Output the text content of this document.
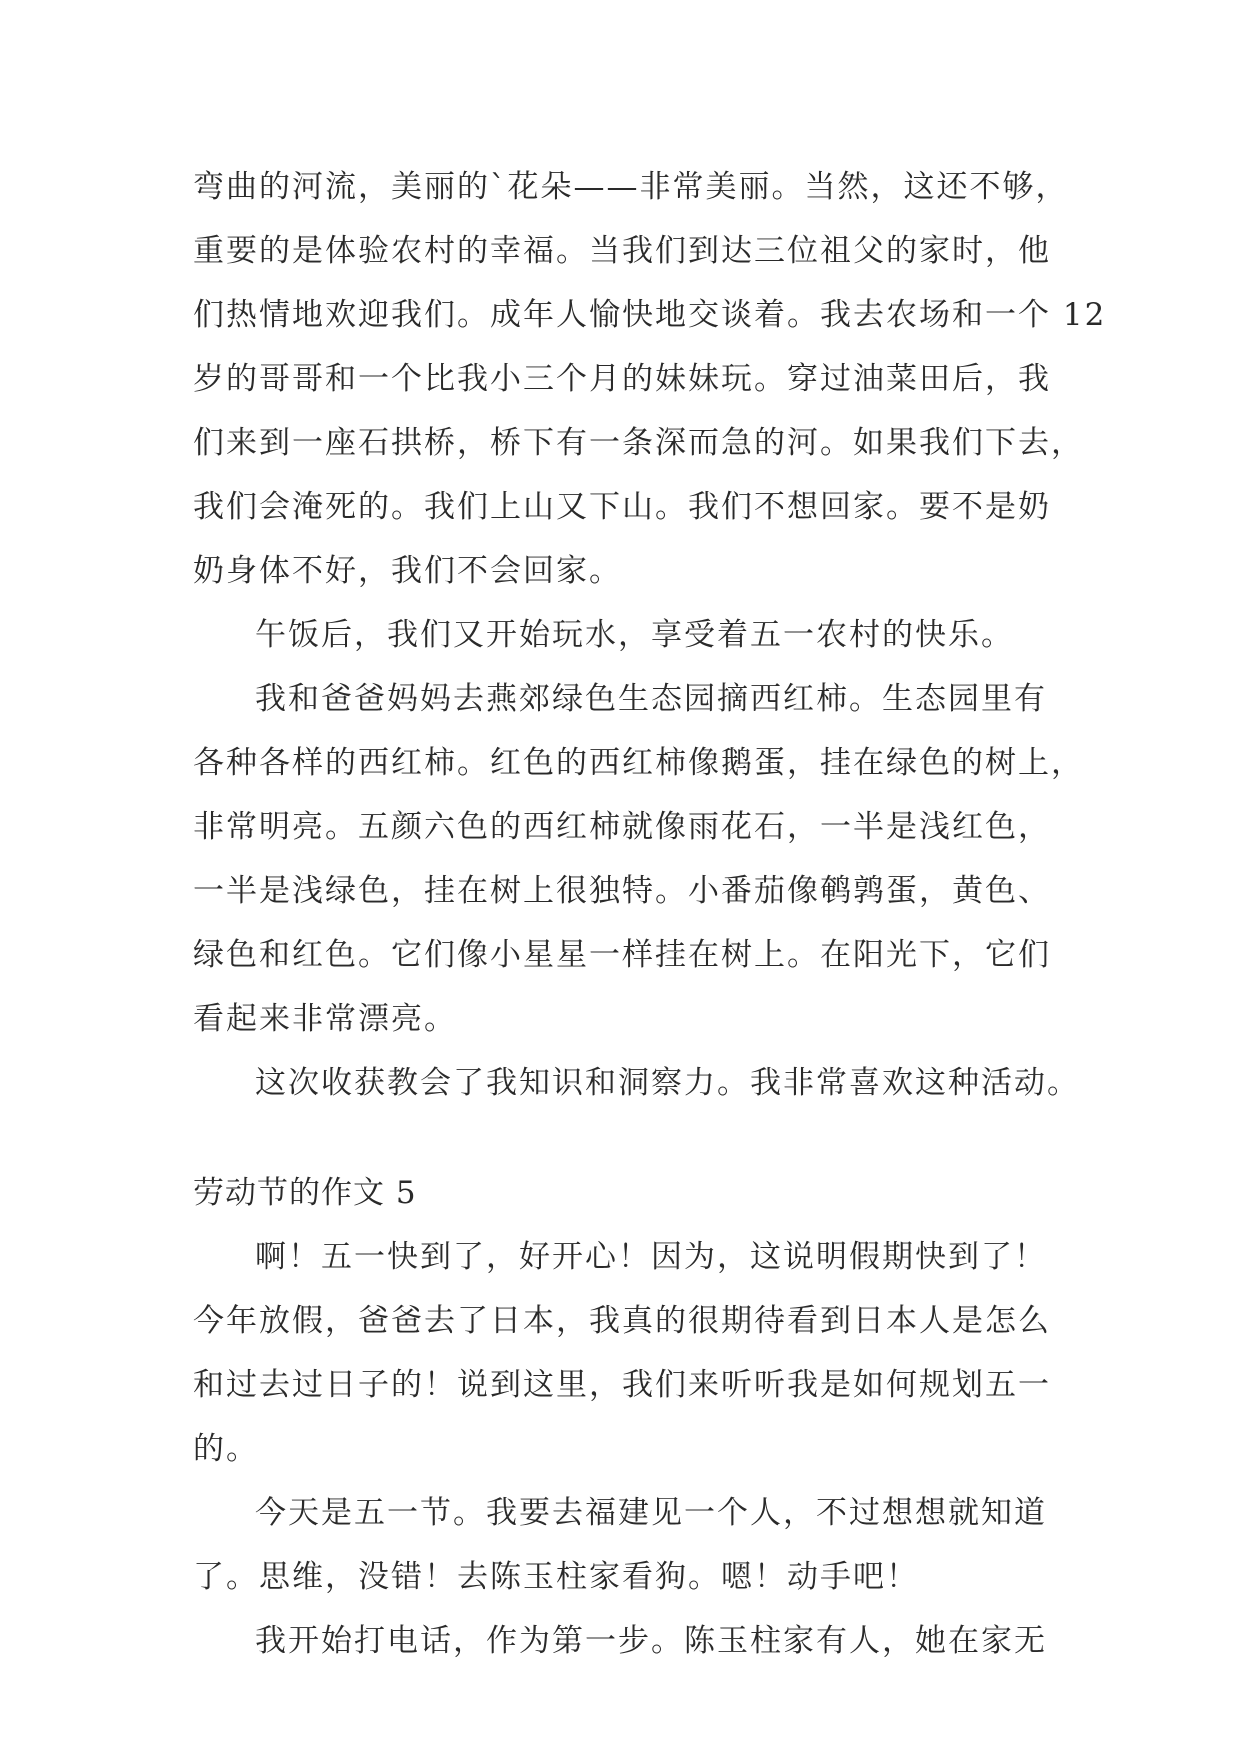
弯曲的河流，美丽的`花朵——非常美丽。当然，这还不够，
重要的是体验农村的幸福。当我们到达三位祖父的家时，他
们热情地欢迎我们。成年人愉快地交谈着。我去农场和一个 12
岁的哥哥和一个比我小三个月的妹妹玩。穿过油菜田后，我
们来到一座石拱桥，桥下有一条深而急的河。如果我们下去，
我们会淹死的。我们上山又下山。我们不想回家。要不是奶
奶身体不好，我们不会回家。
午饭后，我们又开始玩水，享受着五一农村的快乐。
我和爸爸妈妈去燕郊绿色生态园摘西红柿。生态园里有
各种各样的西红柿。红色的西红柿像鹅蛋，挂在绿色的树上，
非常明亮。五颜六色的西红柿就像雨花石，一半是浅红色，
一半是浅绿色，挂在树上很独特。小番茄像鹌鹑蛋，黄色、
绿色和红色。它们像小星星一样挂在树上。在阳光下，它们
看起来非常漂亮。
这次收获教会了我知识和洞察力。我非常喜欢这种活动。
劳动节的作文 5
啊！五一快到了，好开心！因为，这说明假期快到了！
今年放假，爸爸去了日本，我真的很期待看到日本人是怎么
和过去过日子的！说到这里，我们来听听我是如何规划五一
的。
今天是五一节。我要去福建见一个人，不过想想就知道
了。思维，没错！去陈玉柱家看狗。嗯！动手吧！
我开始打电话，作为第一步。陈玉柱家有人，她在家无
